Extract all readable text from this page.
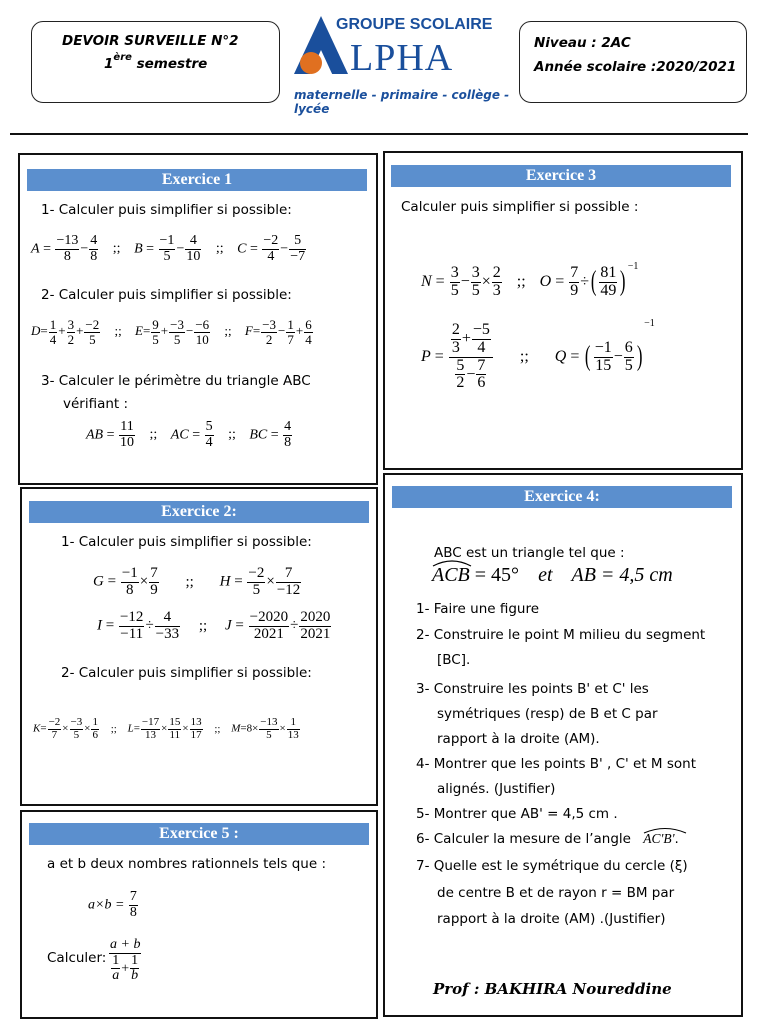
DEVOIR SURVEILLE N°2
1ère semestre
GROUPE SCOLAIRE
LPHA
maternelle - primaire - collège - lycée
Niveau : 2AC
Année scolaire :2020/2021
Exercice 1
1- Calculer puis simplifier si possible:
$A = \frac{-13}{8} - \frac{4}{8}$ ;; $B = \frac{-1}{5} - \frac{4}{10}$ ;; $C = \frac{-2}{4} - \frac{5}{-7}$
2- Calculer puis simplifier si possible:
$D= \frac{1}{4} + \frac{3}{2} + \frac{-2}{5}$ ;; $E= \frac{9}{5} + \frac{-3}{5} - \frac{-6}{10}$ ;; $F= \frac{-3}{2} - \frac{1}{7} + \frac{6}{4}$
3- Calculer le périmètre du triangle ABC
vérifiant :
AB = $\frac{11}{10}$ ;; AC = $\frac{5}{4}$ ;; BC = $\frac{4}{8}$
Exercice 3
Calculer puis simplifier si possible :
$N = \frac{3}{5} - \frac{3}{5} \times \frac{2}{3}$ ;; $O = \frac{7}{9}$ ÷( $\frac{81}{49}$ ) $^{-1}$
$P = \frac{\frac{2}{3} + \frac{-5}{4}}{\frac{5}{2} - \frac{7}{6}}$ ;; Q = ( $\frac{-1}{15} - \frac{6}{5} )^{-1}$
Exercice 2:
1- Calculer puis simplifier si possible:
$G = \frac{-1}{8} \times \frac{7}{9}$ ;; $H = \frac{-2}{5} \times \frac{7}{-12}$
$I = \frac{-12}{-11} \div \frac{4}{-33}$ ;; $J = \frac{-2020}{2021} \div \frac{2020}{2021}$
2- Calculer puis simplifier si possible:
$K= \frac{-2}{7} \times \frac{-3}{5} \times \frac{1}{6}$ ;; $L= \frac{-17}{13} \times \frac{15}{11} \times \frac{13}{17}$ ;; $M=8\times \frac{-13}{5} \times \frac{1}{13}$
Exercice 5 :
a et b deux nombres rationnels tels que :
$a\times b = \frac{7}{8}$
Calculer: $\frac{a + b}{\frac{1}{a} + \frac{1}{b}}$
Exercice 4:
ABC est un triangle tel que :
ACB = 45° et AB = 4,5 cm
1- Faire une figure
2- Construire le point M milieu du segment
[BC].
3- Construire les points B' et C' les
symétriques (resp) de B et C par
rapport à la droite (AM).
4- Montrer que les points B' , C' et M sont
alignés. (Justifier)
5- Montrer que AB' = 4,5 cm .
6- Calculer la mesure de l’angle AC'B'
.
7- Quelle est le symétrique du cercle (ξ)
de centre B et de rayon r = BM par
rapport à la droite (AM) .(Justifier)
Prof : BAKHIRA Noureddine
